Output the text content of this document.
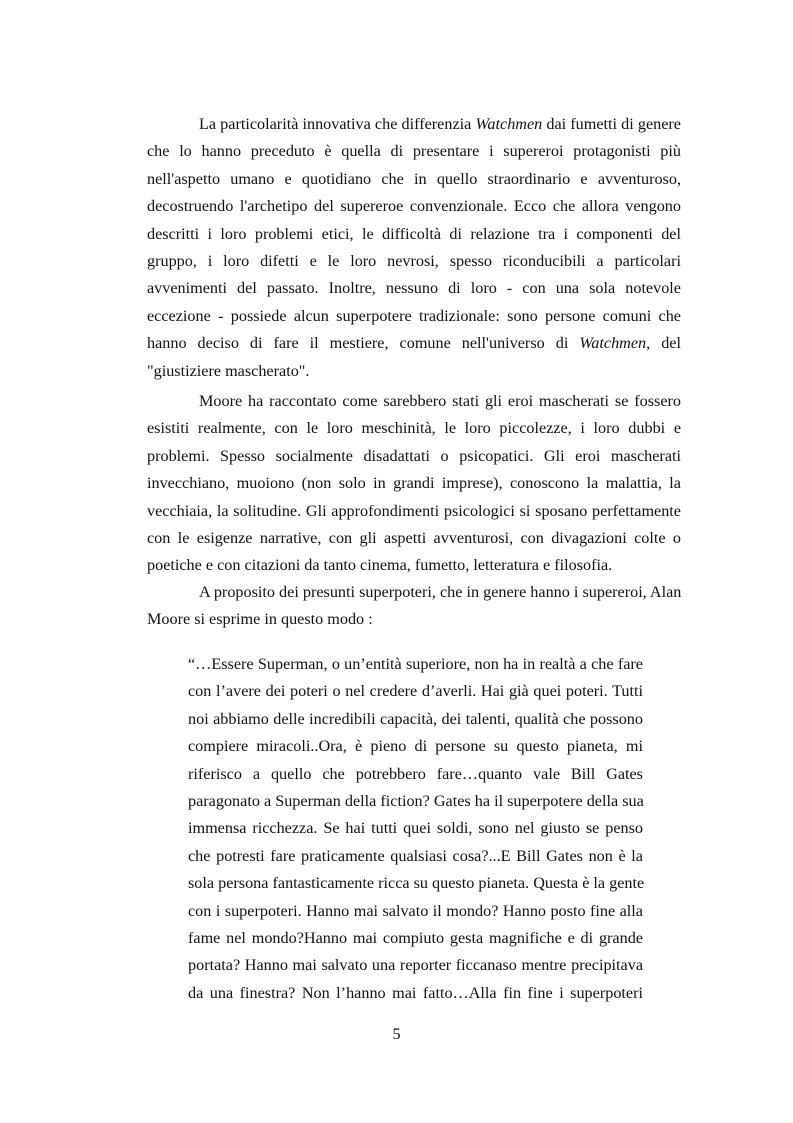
La particolarità innovativa che differenzia Watchmen dai fumetti di genere
che lo hanno preceduto è quella di presentare i supereroi protagonisti più
nell'aspetto umano e quotidiano che in quello straordinario e avventuroso,
decostruendo l'archetipo del supereroe convenzionale. Ecco che allora vengono
descritti i loro problemi etici, le difficoltà di relazione tra i componenti del
gruppo, i loro difetti e le loro nevrosi, spesso riconducibili a particolari
avvenimenti del passato. Inoltre, nessuno di loro - con una sola notevole
eccezione - possiede alcun superpotere tradizionale: sono persone comuni che
hanno deciso di fare il mestiere, comune nell'universo di Watchmen, del
"giustiziere mascherato".
Moore ha raccontato come sarebbero stati gli eroi mascherati se fossero
esistiti realmente, con le loro meschinità, le loro piccolezze, i loro dubbi e
problemi. Spesso socialmente disadattati o psicopatici. Gli eroi mascherati
invecchiano, muoiono (non solo in grandi imprese), conoscono la malattia, la
vecchiaia, la solitudine. Gli approfondimenti psicologici si sposano perfettamente
con le esigenze narrative, con gli aspetti avventurosi, con divagazioni colte o
poetiche e con citazioni da tanto cinema, fumetto, letteratura e filosofia.
A proposito dei presunti superpoteri, che in genere hanno i supereroi, Alan
Moore si esprime in questo modo :
“…Essere Superman, o un’entità superiore, non ha in realtà a che fare
con l’avere dei poteri o nel credere d’averli. Hai già quei poteri. Tutti
noi abbiamo delle incredibili capacità, dei talenti, qualità che possono
compiere miracoli..Ora, è pieno di persone su questo pianeta, mi
riferisco a quello che potrebbero fare…quanto vale Bill Gates
paragonato a Superman della fiction? Gates ha il superpotere della sua
immensa ricchezza. Se hai tutti quei soldi, sono nel giusto se penso
che potresti fare praticamente qualsiasi cosa?...E Bill Gates non è la
sola persona fantasticamente ricca su questo pianeta. Questa è la gente
con i superpoteri. Hanno mai salvato il mondo? Hanno posto fine alla
fame nel mondo?Hanno mai compiuto gesta magnifiche e di grande
portata? Hanno mai salvato una reporter ficcanaso mentre precipitava
da una finestra? Non l’hanno mai fatto…Alla fin fine i superpoteri
5
